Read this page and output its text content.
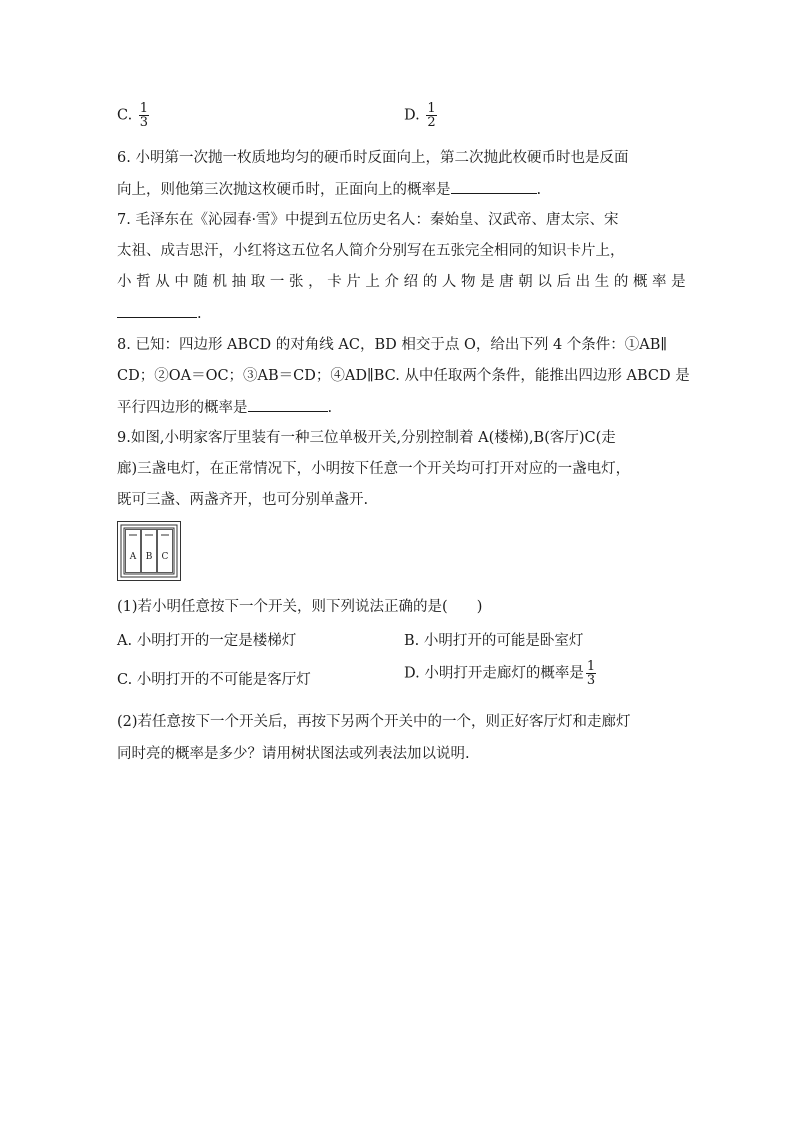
C. $\frac{1}{3}$	D. $\frac{1}{2}$
6. 小明第一次抛一枚质地均匀的硬币时反面向上，第二次抛此枚硬币时也是反面
向上，则他第三次抛这枚硬币时，正面向上的概率是	.
7. 毛泽东在《沁园春·雪》中提到五位历史名人：秦始皇、汉武帝、唐太宗、宋
太祖、成吉思汗，小红将这五位名人简介分别写在五张完全相同的知识卡片上，
小 哲 从 中 随 机 抽 取 一 张 ， 卡 片 上 介 绍 的 人 物 是 唐 朝 以 后 出 生 的 概 率 是
.
8. 已知：四边形 ABCD 的对角线 AC，BD 相交于点 O，给出下列 4 个条件：①AB∥
CD；②OA＝OC；③AB＝CD；④AD∥BC. 从中任取两个条件，能推出四边形 ABCD 是
平行四边形的概率是	.
9.如图,小明家客厅里装有一种三位单极开关,分别控制着 A(楼梯),B(客厅)C(走
廊)三盏电灯，在正常情况下，小明按下任意一个开关均可打开对应的一盏电灯，
既可三盏、两盏齐开，也可分别单盏开.
A B C
(1)若小明任意按下一个开关，则下列说法正确的是(　　)
A. 小明打开的一定是楼梯灯	B. 小明打开的可能是卧室灯
C. 小明打开的不可能是客厅灯	D. 小明打开走廊灯的概率是 $\frac{1}{3}$
(2)若任意按下一个开关后，再按下另两个开关中的一个，则正好客厅灯和走廊灯
同时亮的概率是多少？请用树状图法或列表法加以说明.
